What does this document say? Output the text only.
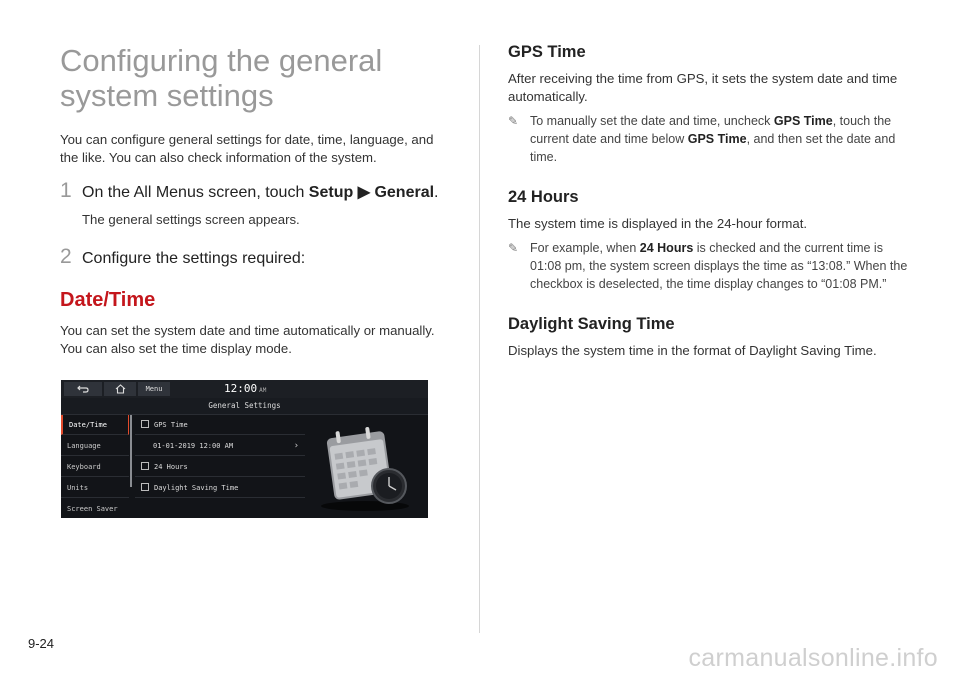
Configuring the general
system settings

You can configure general settings for date, time, language, and the like. You can also check information of the system.

1 On the All Menus screen, touch Setup ▶ General.

The general settings screen appears.

2 Configure the settings required:
Date/Time

You can set the system date and time automatically or manually. You can also set the time display mode.

Menu	12:00 AM
General Settings
Date/Time
Language
Keyboard
Units
Screen Saver
GPS Time
01-01-2019 12:00 AM	›
24 Hours
Daylight Saving Time
GPS Time

After receiving the time from GPS, it sets the system date and time automatically.

✎ To manually set the date and time, uncheck GPS Time, touch the current date and time below GPS Time, and then set the date and time.
24 Hours

The system time is displayed in the 24-hour format.

✎ For example, when 24 Hours is checked and the current time is 01:08 pm, the system screen displays the time as “13:08.” When the checkbox is deselected, the time display changes to “01:08 PM.”
Daylight Saving Time

Displays the system time in the format of Daylight Saving Time.

9-24
carmanualsonline.info
